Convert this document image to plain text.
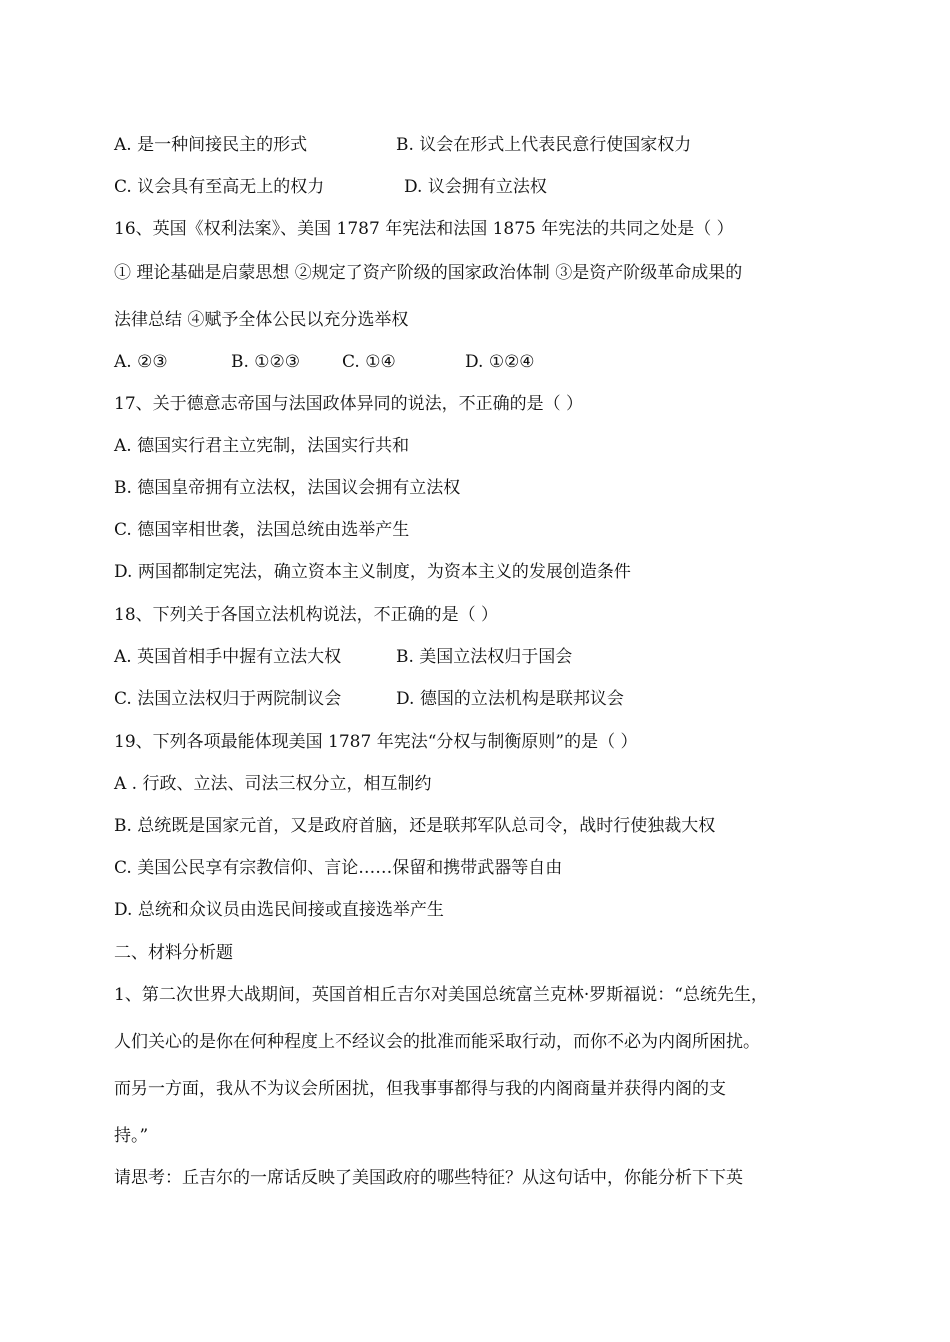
A. 是一种间接民主的形式	B. 议会在形式上代表民意行使国家权力
C. 议会具有至高无上的权力	D. 议会拥有立法权
16、英国《权利法案》、美国 1787 年宪法和法国 1875 年宪法的共同之处是（ ）
① 理论基础是启蒙思想 ②规定了资产阶级的国家政治体制 ③是资产阶级革命成果的
法律总结 ④赋予全体公民以充分选举权
A. ②③	B. ①②③ C. ①④	D. ①②④
17、关于德意志帝国与法国政体异同的说法，不正确的是（ ）
A. 德国实行君主立宪制，法国实行共和
B. 德国皇帝拥有立法权，法国议会拥有立法权
C. 德国宰相世袭，法国总统由选举产生
D. 两国都制定宪法，确立资本主义制度，为资本主义的发展创造条件
18、下列关于各国立法机构说法，不正确的是（ ）
A. 英国首相手中握有立法大权	B. 美国立法权归于国会
C. 法国立法权归于两院制议会	D. 德国的立法机构是联邦议会
19、下列各项最能体现美国 1787 年宪法“分权与制衡原则”的是（ ）
A . 行政、立法、司法三权分立，相互制约
B. 总统既是国家元首，又是政府首脑，还是联邦军队总司令，战时行使独裁大权
C. 美国公民享有宗教信仰、言论……保留和携带武器等自由
D. 总统和众议员由选民间接或直接选举产生
二、材料分析题
1、第二次世界大战期间，英国首相丘吉尔对美国总统富兰克林·罗斯福说：“总统先生，
人们关心的是你在何种程度上不经议会的批准而能采取行动，而你不必为内阁所困扰。
而另一方面，我从不为议会所困扰，但我事事都得与我的内阁商量并获得内阁的支
持。”
请思考：丘吉尔的一席话反映了美国政府的哪些特征？从这句话中，你能分析下下英
